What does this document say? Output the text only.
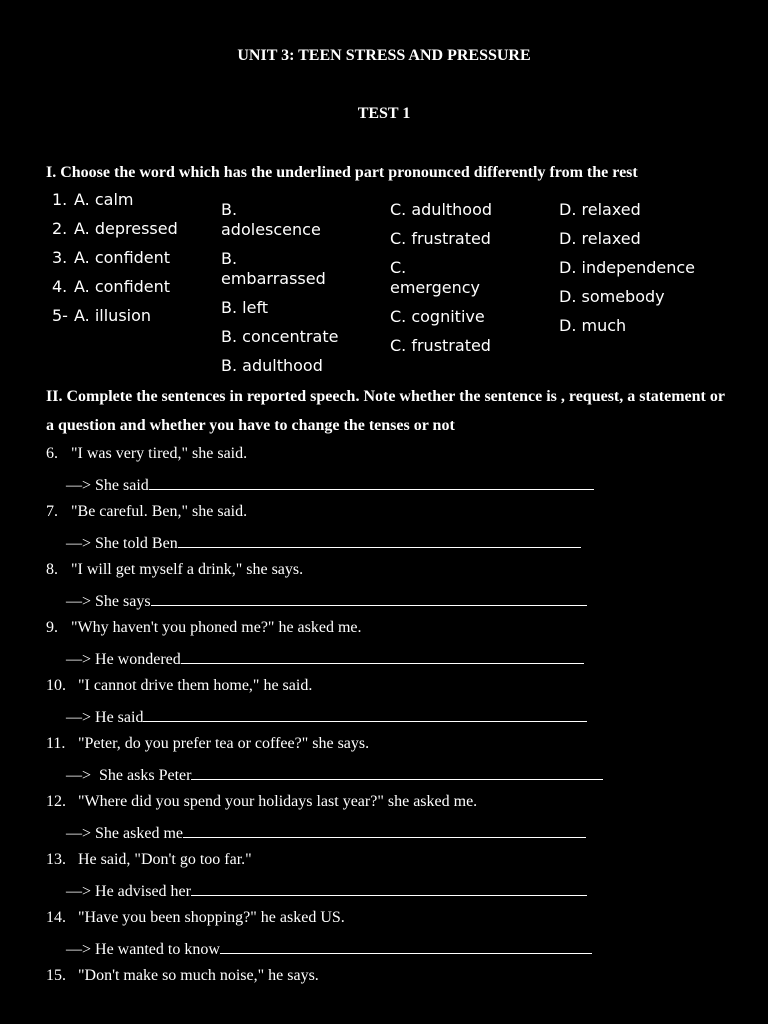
UNIT 3: TEEN STRESS AND PRESSURE
TEST 1
I. Choose the word which has the underlined part pronounced differently from the rest
1. A. calm
2. A. depressed
3. A. confident
4. A. confident
5- A. illusion
B. adolescence
B. embarrassed
B. left
B. concentrate
B. adulthood
C. adulthood
C. frustrated
C. emergency
C. cognitive
C. frustrated
D. relaxed
D. relaxed
D. independence
D. somebody
D. much
II. Complete the sentences in reported speech. Note whether the sentence is , request, a statement or a question and whether you have to change the tenses or not
6. "I was very tired," she said.
—> She said
7. "Be careful. Ben," she said.
—> She told Ben
8. "I will get myself a drink," she says.
—> She says
9. "Why haven't you phoned me?" he asked me.
—> He wondered
10. "I cannot drive them home," he said.
—> He said
11. "Peter, do you prefer tea or coffee?" she says.
—>  She asks Peter
12. "Where did you spend your holidays last year?" she asked me.
—> She asked me
13. He said, "Don't go too far."
—> He advised her
14. "Have you been shopping?" he asked US.
—> He wanted to know
15. "Don't make so much noise," he says.
